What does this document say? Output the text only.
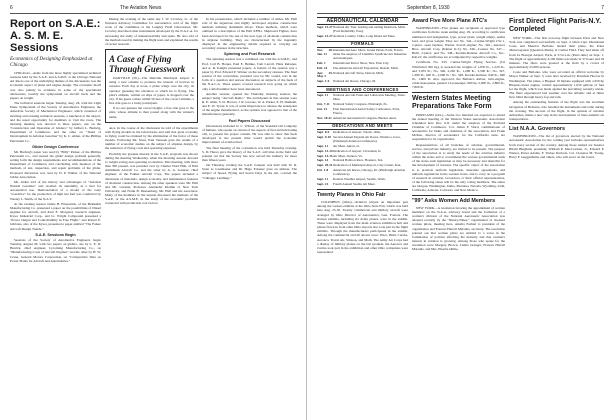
6	The Aviation News
Report on S.A.E.: A. S. M. E. Sessions
Economics of Designing Emphasized at Chicago

CHICAGO—Aside from the more highly specialized technical sessions held by the S.A.E. and A.S.M.E. at the Chicago National Air Races one of the underlying themes of the discussions was the economic aspect of plane and engine design. The economic motif was also plainly in evidence in some of the specialized discussions, notably the symposium on aircraft fuels and the papers on weight.

The technical sessions began Tuesday, Aug. 26, with the Light Plane Symposium of the Society of Automotive Engineers, the American Society of Mechanical Engineers, which consisted of morning and evening technical sessions, a luncheon at the airport, and the usual opportunity for members to visit the races. The morning meeting was devoted to three papers, one on the "Construction and Operation of Gliders," by Gilbert L. Budwig, Department of Commerce, and the other on "Trend of Development in Aviation Gasoline" by K. C. Alden, of the Phillips Petroleum Co.

Glider Design Conference

Mr. Budwig's paper was read by "Billy" Parker, of the Phillips Petroleum Co., and treated the glider design problem generally, setting forth the design requirements and recommendations of the Department of Commerce and concluding with mention of the methods of test, inspection, and repair problems of the glider. Proposed discussion was read by D. P. Walker of the National Glider Association.

Mr. Alden told of the history and advantages of "Aviation Natural Gasoline" and recalled its suitability as a fuel for aeronautical use. Demonstration of a model of the Gaty "overdrive" for the production of high test fuel was conducted by Wesley L. Smith, of the N.A.T.

At the evening session James H. Fitzpatrick, of the Heinkelm Manufacturing Co. presented a paper on the possibilities of Diesel engines for aircraft, and Paul E. Morgand, research engineer, Kysor Industrial Corp., and Lt. Wright Compound presented a "Power Output and Controllability in Free Flight." and Robert E. Gibbons, also of the Kysor, presented a paper entitled "The Future Aircraft Design Trends."

S.A.E. Sessions Begin

Sessions of the Society of Automotive Engineers began Tuesday, August 26, with two papers on gliders, one by L. E. D. Herrick, chief engineer, Lycoming Manufacturing Co., on "Manufacturing Costs of Aircraft Engines" and the other by H. W. Crane, General Motors Corporation, on "Comparative Data on Power Plants for Aircraft and Automobiles."

During the evening of the same day J. W. Crowley, Jr., of the National Advisory Committee for Aeronautics, told of the flight work of the committee at the Langley Field laboratories. Mr. Crowley described other instruments developed by the N.A.C.A. for increasing the study of maneuverability and spins. He also told of the methods used in making the flight tests and explained the results of recent research.

A Case of Flying Through Guesswork

DANVILLE (Ill.)—The Danville Municipal Airport is using a new scheme to promote the interest of novices in aviation. Each day at noon, a plane wings over the city, its operator guessing the elevation at which he is flying. The pilot's altitude, written on slips of paper, is dropped over the city. If his guess comes within 50 feet of the correct altitude, a free ride goes to a lucky participant.

If no one guesses the correct height, a free ride goes to the pilot, whose altitude is then posted along with the winner's name.

ance. In the course of the discussion he told of the experiments with flying models in his laboratories and said that great economy in flying could be obtained by the elimination of the factor of these models. Following Mr. Stout, Paul Vanasek gave the results of a number of economic studies on the subject of airplane design, by the reduction of flying costs and operating expenses.

Probably the greatest interest in the S.A.E. program was shown during the meeting Wednesday, when the morning session devoted to weight saving and operating economics. This meeting, with more than 300 present, was presided over by Charles Ward Hall, of Hall Aluminum Aircraft Co. and the other by A. A. Gassner, chief engineer of the Fokker Aircraft Corp. The papers included a discussion of materials, design economy, and maintenance features of all-metal construction. Among the other speakers were Mr. Hall and Mr. Gassner, Professor Alexander Klemin of New York University, and Frank B. Duesenberg, Mr. Hall and his associates. Many of the members in the session discussed the methods of the S.A.E. or the A.S.M.E. in the study of the economic problems connected with production cost factors.

In his presentation, which included a number of slides, Mr. Hall told of his ingenious and highly developed airplane construction methods utilizing aluminum alloys. These methods, which were outlined in a description of the Hall XFH-1 Shipboard Fighter, have been developed for the use of the new type of all-metal construction in airplane building. They are characterized by the ingenuity displayed in the engineering details required in carrying out secondary stresses in the structure.

Spinning and Fuel Research

The spinning session was a combined one with the A.S.M.E., and Prof. Carl B. Harper, Paul E. Hemke, Tom Carroll, Hans Reissner, and A. R. Knight presented papers. A feature of the session was a paper by Prof. Edward P. Warner on the secondary stresses. The final session of the convention, presided over by Mr. Gould, was in the form of a question and answer discussion on subjects of the fuels of the N.A.C.A. These papers covered research now going on which only a small number have been announced.

Another session, opened the Thursday morning session, the subject being "Aircraft Radio." The participants in this session were R. E. Allen, S. D. Hoover, J. R. Lacoste, W. A. Parker, E. H. Dunham, and E. W. Tyron. It was of some importance to discuss the standpoint of the engine manufacturer, as the opinion was opposed to that of the manufacturers generally.

Fuel Papers Discussed

Discussions included O. C. Wilson, of the Standard Oil Company of Indiana, who spoke on certain of the aspects of fuel and lubricating oils, to present the proper content. He was able to show that fuels developed at the present time would permit the economic improvement of aviation fuel.

The final meeting of the convention was held Thursday evening. S. D. Heron gave the history of the S.A.E. activities in the field and pointed out that the Society has now served the industry for more than fifteen years.

On Thursday evening the S.A.E. banquet was held with W. R. Stout as toastmaster and Dr. Hugo Eckener gave an address. The subject of Speed, Flying and Seven Days in the Air, covered the "Unhappy Landings."

September 8, 1930	7
AERONAUTICAL CALENDAR
Sept. 13-27 National Air Tour, starting and ending Dearborn, Mich. (Ford Reliability Tour).
Sept. 13-27 Aviation Country Clubs, Long Island Air Meet.
FORMALS
Nov. 28-Jan. 11
International Aero Show, Grand Palais, Paris, France, under the auspices of Chambre Syndicale des Industries Aéronautiques.
Feb. 1	International Motor Show, New York City.
Feb. 14	Pan-American Aircraft Exposition, Detroit, Mich.
Apr. 25-May 3
National Aircraft Show, Detroit, Mich.
Sept. 1-9	National Air Races, Chicago, Ill.
MEETINGS AND CONFERENCES
Sept. 11	National Aircraft Fuels and Lubricants Meeting, Tulsa, Okla.
Oct. 7-11	National Safety Congress, Pittsburgh, Pa.
Oct. 21	First International Aerial Safety Conference, Paris, France.
Nov. 18-21 American Aeronautical Congress, Buenos Aires.
DEDICATIONS AND MEETS
Sept. 8-9	Dedication of Airport, Toledo, Ohio.
Sept. 9-10 Second Annual Pageant Air Races, Waterloo, Iowa, (Pittsburgh Aviation Conference).
Sept. 11	Air Meet, Akron, O.
Sept. 13-14 Dedication of Airport, Cleveland, O.
Sept. 14-15 Air Meet, Stanton, Va.
Sept. 14	National Balloon Race, Houston, Tex.
Sept. 20-21 Dedication of Municipal Airport, Clay Center, Kan.
Oct. 1-8	American Air Races, Chicago, Ill. (Pittsburgh Aviation Conference).
Sept. 11	Roberts Weather Airport, Seattle, Wash.
Sept. 21	Fourth Annual Seattle Air Meet.
Twenty Planes in Ohio Fair

COLUMBUS (Ohio)—Aviation played an important part among the various exhibits at the Ohio State Fair, which was held here Aug. 25-30. Twenty commercial and military aircraft were arranged by Ohio Director of Aeronautics, Gen. Foulois. The sixteen exhibits, including six Army planes, were in the exhibit. These were displayed from the main aviation exhibition hall and planes flown in from other Ohio airports also took part in the flight exhibits. Through the manufacturers participated in the exhibit. Among the commercial aircraft shown were: Waco, Buhl, Curtiss, Aeronca, Travel Air, Stinson, and Moth. The Army Air Corps had a display of military planes on the fair grounds, the Aeronca and Curtiss took part in the exhibition and other Ohio companies were represented.

Award Five More Plane ATC's

WASHINGTON—Five planes are recipients of approved type certificates from the week ending Aug. 29, according to certificates numbered and designation, type, power plant, weight empty, useful load, and gross weight. They are: No. 344—Curtiss-Wright CW-1, 2-place, open biplane, Warner Scarab engine; No. 345—Aeronca Bros. Aircraft Corp. (Kinner K-5); No. 346—Cessna; No. 347—Buhl, 2-place; and No. 348—Kreider-Reisner Aircraft Co., Inc., KR-21; the certificates are accompanied by respective weights.

Certificate No. 345, Curtiss-Wright Flying Service, (J-6 Whirlwind 300 hp), is awarded the weights of 1,835 lb., 1,220 lb., and 3,055 lb.; No. 346, 2,292 lb., 1,208 lb., 3,500 lb.; No. 347, 1,380 lb., 620 lb., 2,000 lb.; No. 348, Kreider-Reisner, 940 lb., 660 lb., 1,600 lb. Also approved, the Bellanca Airbus, twin-engine, cabin monoplane, general 12-passenger, 600 hp, 5,000 lb., 2,800 lb., 7,800 lb.

Western States Meeting Preparations Take Form

PORTLAND (Ore.)—Some two hundred are expected to attend the annual meeting of the Western States Aeronautic Association scheduled here Dec. 6-8, under the auspices of the Portland Chamber of Commerce. Col. James F. Ward, commissioner of aeronautics for Idaho and chairman of the association, and Frank McKee, director of aeronautics for the California state, are responsible for its organization.

Representatives of all branches of aviation, governmental, service, and private industry, are invited to be present. The purpose of the association is to study the needs of the aviation industry within the states and to recommend the various governmental units of the states such legislation as may be necessary and desirable for the development of aviation. The specific object of the association is to promote uniform legislation, interstate agreements, and uniform regulations in the western states, and to carry on a program of research in aviation. Governors, or their official representatives, of the following states will be the only voting members. The states are Oregon, Washington, Idaho, Montana, Nevada, Wyoming, Utah, California, Arizona, Colorado, and New Mexico.

"99" Asks Women Add Members

NEW YORK—A resolution favoring the appointment of women members on the N.A.A. advisory board and the formation of a women's division of the National Aeronautic Association was adopted recently by the "Ninety-Nines," organization of licensed women pilots, meeting here. Amelia Earhart is president of the organization and Frances Harrell Marsalis, secretary. The resolution pointed out that women pilots are entitled to a voice in the formulation of policies affecting the industry and that women's interest in aviation is growing. Among those who spoke for the resolution were Margery Brown, Clema Granger, Frances Harrell Marsalis, and Mrs. Phoebe Omlie.

First Direct Flight Paris-N.Y. Completed

NEW YORK—The first non-stop flight between Paris and New York was completed successfully on Sept. 2 when Capt. Dieudonné Coste and Maurice Bellonte landed their plane, the Point d'Interrogation (Question Mark), at Curtiss Field. They had taken off from Le Bourget Airport, Paris, at 5:54 a.m. (Paris time) on Sept. 1. The flight of approximately 4,100 miles was made in 37 hours and 18 minutes. The fliers were greeted at the field by a crowd of approximately 25,000 persons.

Coste and Bellonte, who were accorded an official welcome by Mayor Walker on Sept. 3, were later received by President Hoover in Washington. The plane, a Breguet 19 biplane equipped with a 650 hp Hispano-Suiza engine, carried approximately 1,050 gallons of fuel for the flight, which was made against the prevailing westerly winds. The fliers experienced bad weather over the Atlantic and at times flew blind through heavy fog and rain.

Among the outstanding features of the flight was the excellent navigation of Bellonte, who handled the instruments and radio during the crossing. The success of the flight, in the opinion of aviation authorities, marks a new step in the development of trans-Atlantic air transportation.

List N.A.A. Governors

WASHINGTON—The list of governors elected by the National Aeronautic Association for the coming year includes representatives from every section of the country. Among those named are Senator Hiram Bingham, president; William P. MacCracken, Jr., Edward P. Warner, Porter Adams, F. Trubee Davison, Col. Clarence M. Young, Harry F. Guggenheim, and others, who will serve on the board.
